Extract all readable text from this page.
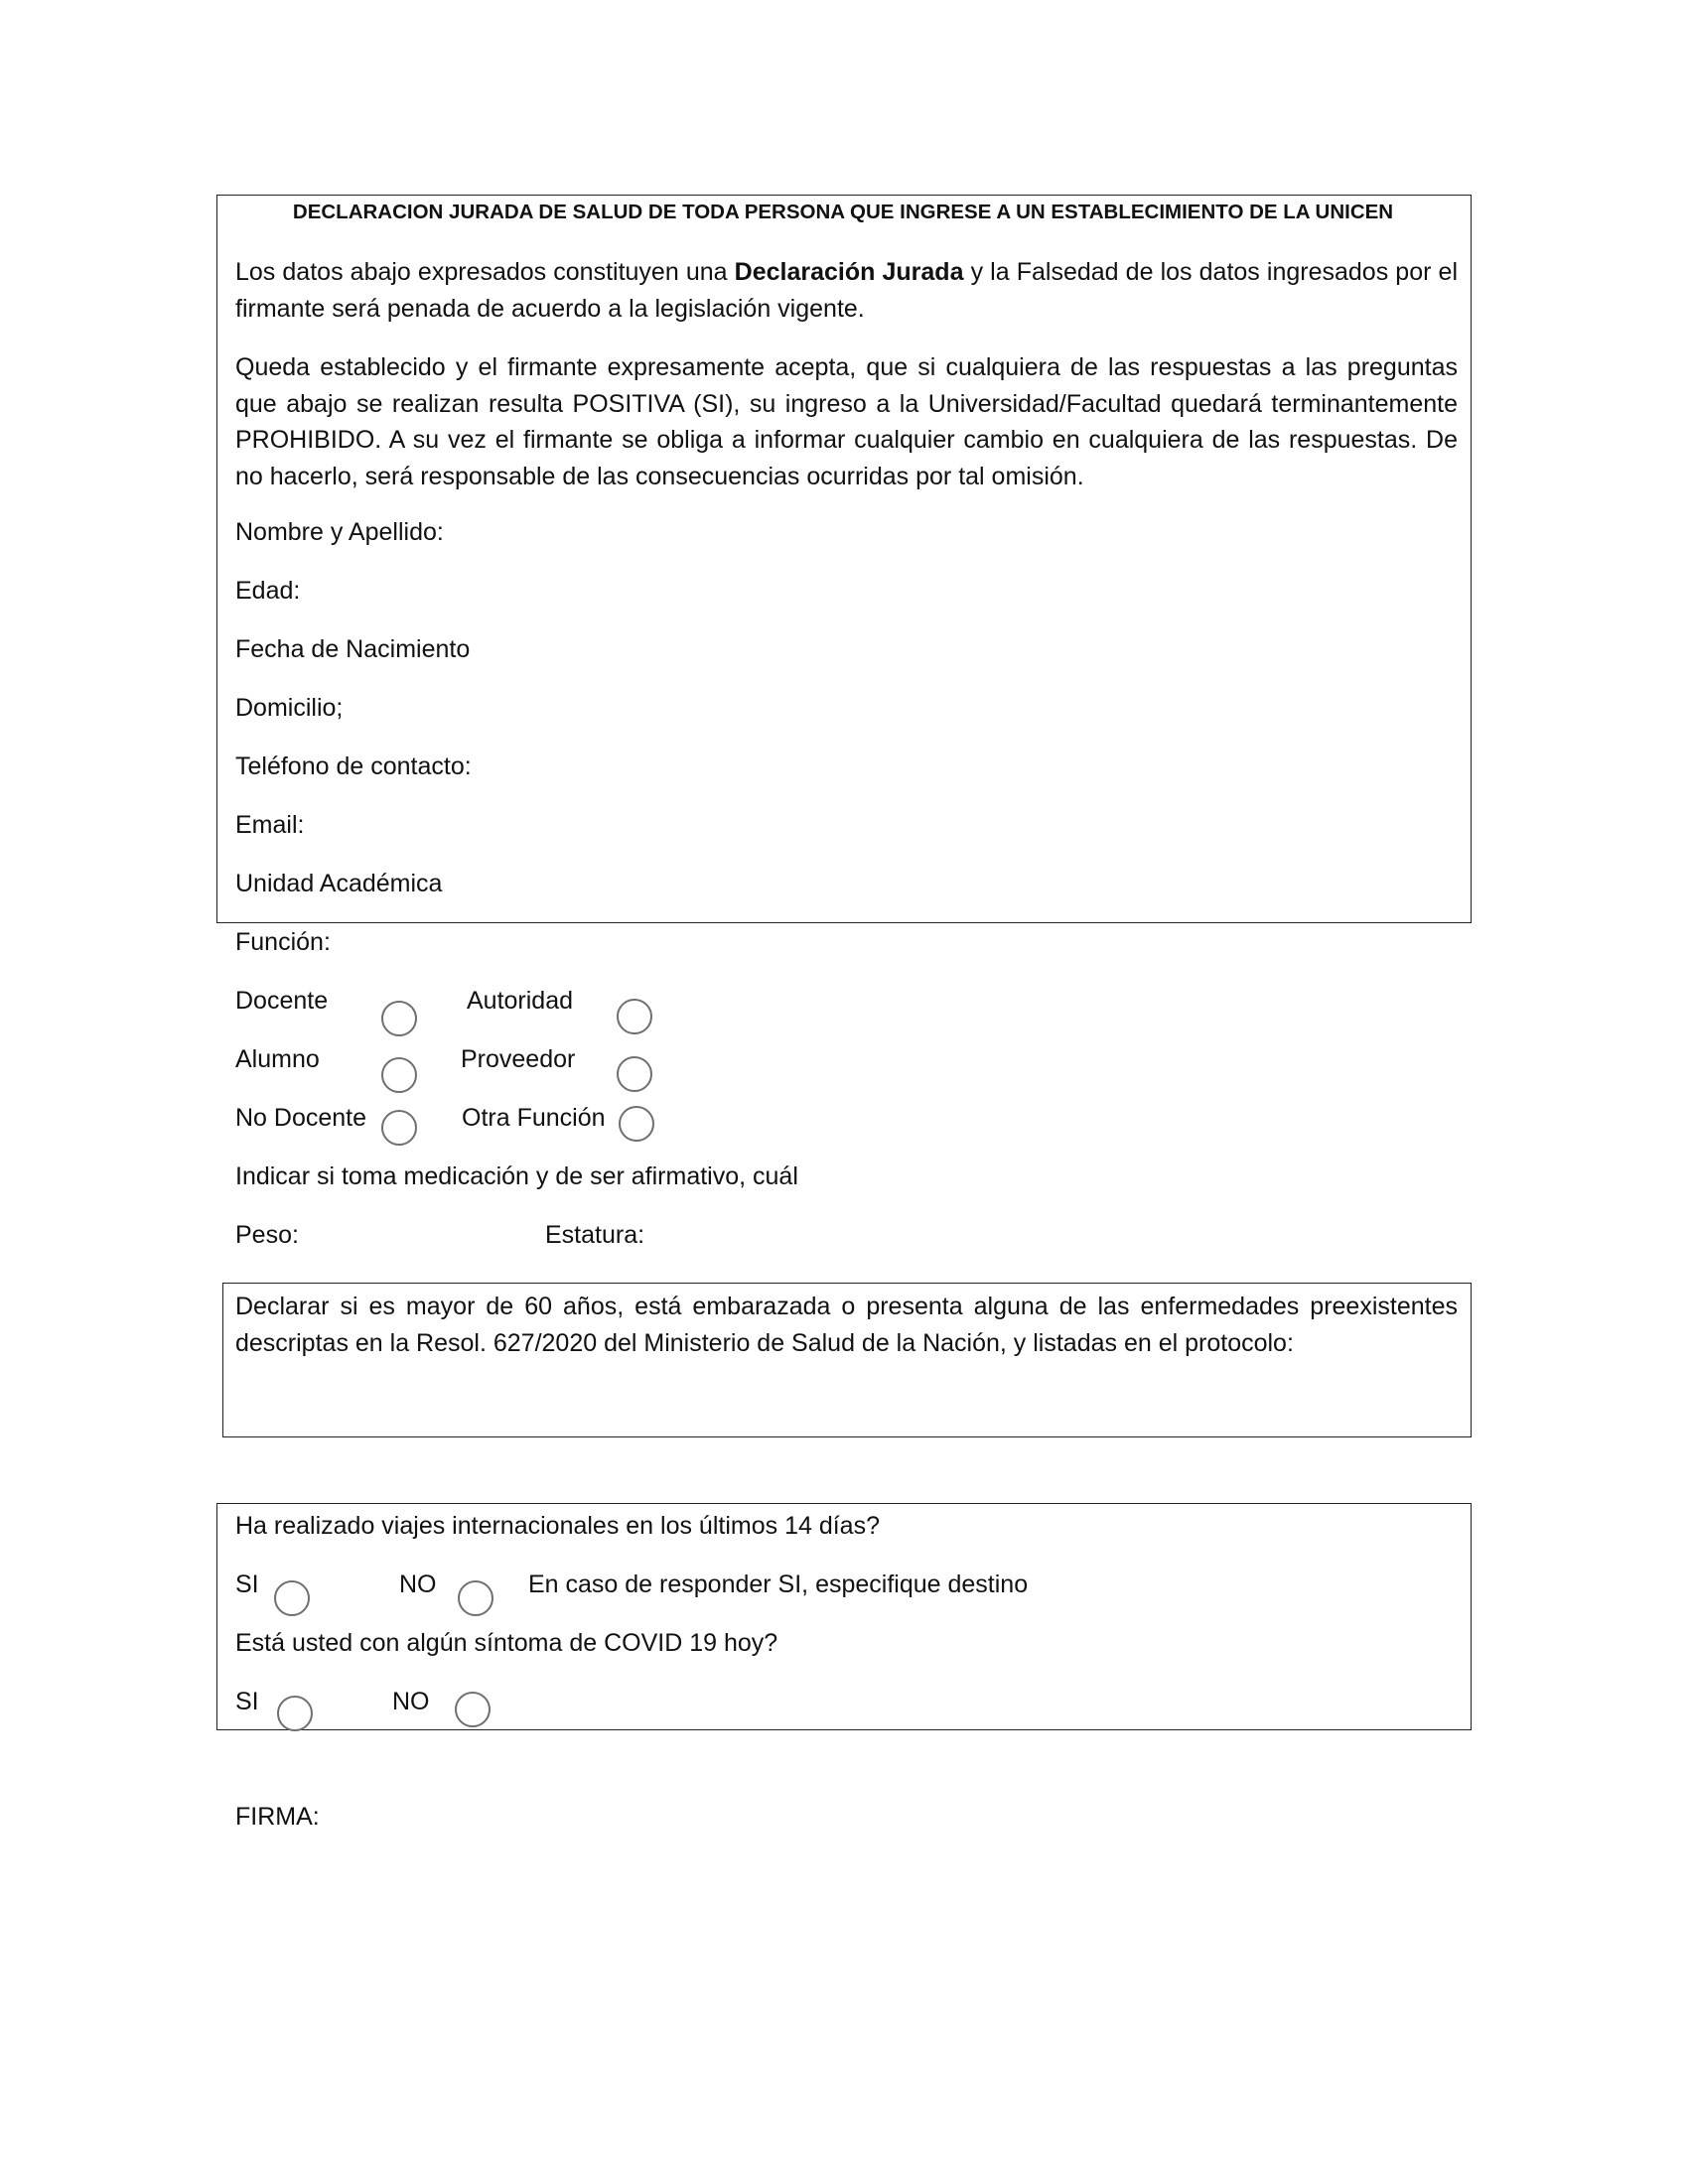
DECLARACION JURADA DE SALUD DE TODA PERSONA QUE INGRESE A UN ESTABLECIMIENTO DE LA UNICEN
Los datos abajo expresados constituyen una Declaración Jurada y la Falsedad de los datos ingresados por el firmante será penada de acuerdo a la legislación vigente.
Queda establecido y el firmante expresamente acepta, que si cualquiera de las respuestas a las preguntas que abajo se realizan resulta POSITIVA (SI), su ingreso a la Universidad/Facultad quedará terminantemente PROHIBIDO. A su vez el firmante se obliga a informar cualquier cambio en cualquiera de las respuestas. De no hacerlo, será responsable de las consecuencias ocurridas por tal omisión.
Nombre y Apellido:
Edad:
Fecha de Nacimiento
Domicilio;
Teléfono de contacto:
Email:
Unidad Académica
Función:
Docente	Autoridad
Alumno	Proveedor
No Docente	Otra Función
Indicar si toma medicación y de ser afirmativo, cuál
Peso:	Estatura:
Declarar si es mayor de 60 años, está embarazada o presenta alguna de las enfermedades preexistentes descriptas en la Resol. 627/2020 del Ministerio de Salud de la Nación, y listadas en el protocolo:
Ha realizado viajes internacionales en los últimos 14 días?
SI	NO	En caso de responder SI, especifique destino
Está usted con algún síntoma de COVID 19 hoy?
SI	NO
FIRMA:
